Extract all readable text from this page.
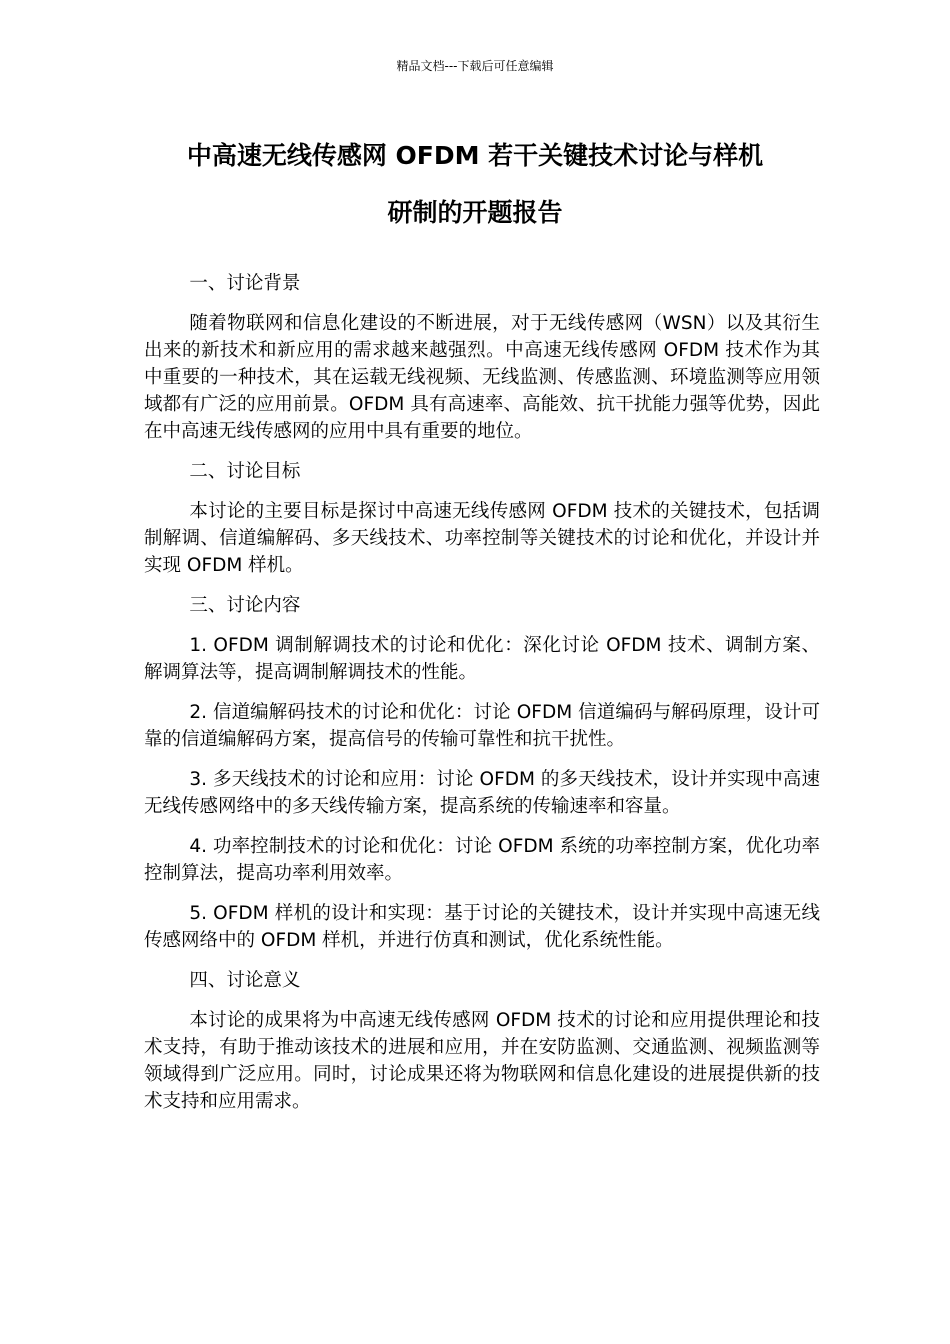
精品文档---下载后可任意编辑
中高速无线传感网 OFDM 若干关键技术讨论与样机
研制的开题报告

一、讨论背景

随着物联网和信息化建设的不断进展，对于无线传感网（WSN）以及其衍生出来的新技术和新应用的需求越来越强烈。中高速无线传感网 OFDM 技术作为其中重要的一种技术，其在运载无线视频、无线监测、传感监测、环境监测等应用领域都有广泛的应用前景。OFDM 具有高速率、高能效、抗干扰能力强等优势，因此在中高速无线传感网的应用中具有重要的地位。

二、讨论目标

本讨论的主要目标是探讨中高速无线传感网 OFDM 技术的关键技术，包括调制解调、信道编解码、多天线技术、功率控制等关键技术的讨论和优化，并设计并实现 OFDM 样机。

三、讨论内容

1. OFDM 调制解调技术的讨论和优化：深化讨论 OFDM 技术、调制方案、解调算法等，提高调制解调技术的性能。

2. 信道编解码技术的讨论和优化：讨论 OFDM 信道编码与解码原理，设计可靠的信道编解码方案，提高信号的传输可靠性和抗干扰性。

3. 多天线技术的讨论和应用：讨论 OFDM 的多天线技术，设计并实现中高速无线传感网络中的多天线传输方案，提高系统的传输速率和容量。

4. 功率控制技术的讨论和优化：讨论 OFDM 系统的功率控制方案，优化功率控制算法，提高功率利用效率。

5. OFDM 样机的设计和实现：基于讨论的关键技术，设计并实现中高速无线传感网络中的 OFDM 样机，并进行仿真和测试，优化系统性能。

四、讨论意义

本讨论的成果将为中高速无线传感网 OFDM 技术的讨论和应用提供理论和技术支持，有助于推动该技术的进展和应用，并在安防监测、交通监测、视频监测等领域得到广泛应用。同时，讨论成果还将为物联网和信息化建设的进展提供新的技术支持和应用需求。
